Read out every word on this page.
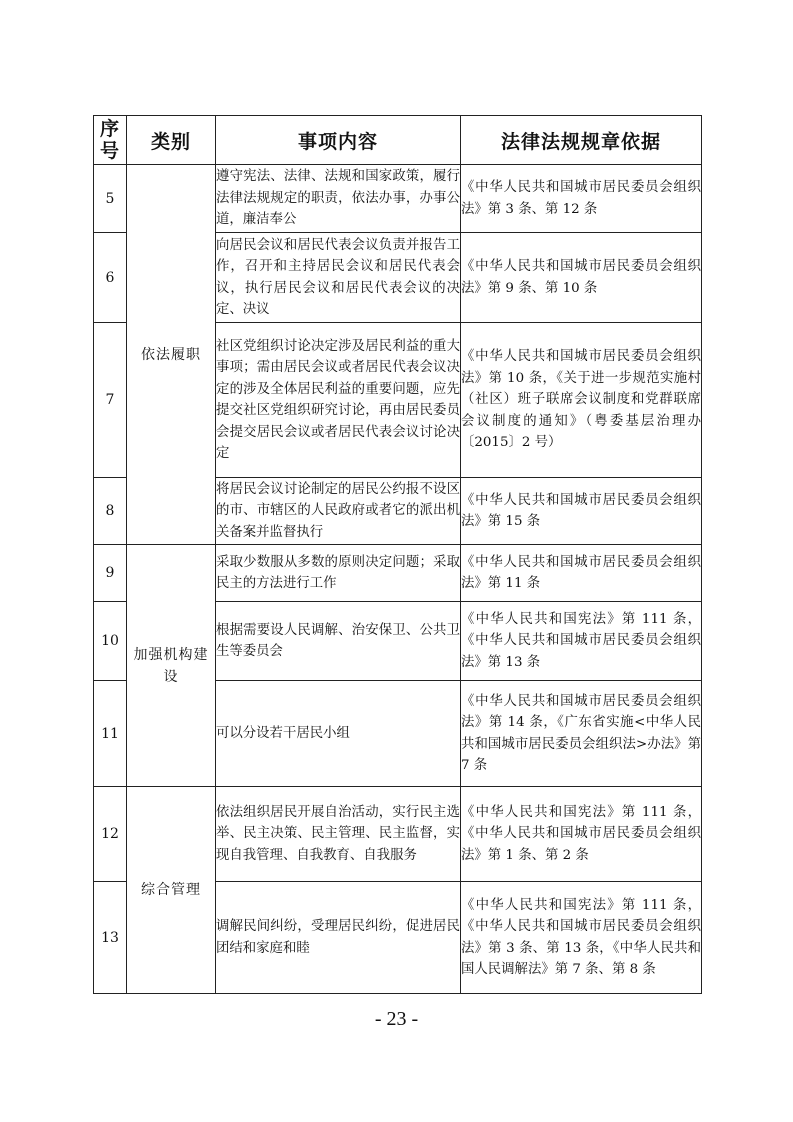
序号	类别	事项内容	法律法规规章依据
5	依法履职	遵守宪法、法律、法规和国家政策，履行法律法规规定的职责，依法办事，办事公道，廉洁奉公	《中华人民共和国城市居民委员会组织法》第 3 条、第 12 条
6		向居民会议和居民代表会议负责并报告工作，召开和主持居民会议和居民代表会议，执行居民会议和居民代表会议的决定、决议	《中华人民共和国城市居民委员会组织法》第 9 条、第 10 条
7		社区党组织讨论决定涉及居民利益的重大事项；需由居民会议或者居民代表会议决定的涉及全体居民利益的重要问题，应先提交社区党组织研究讨论，再由居民委员会提交居民会议或者居民代表会议讨论决定	《中华人民共和国城市居民委员会组织法》第 10 条，《关于进一步规范实施村（社区）班子联席会议制度和党群联席会议制度的通知》（粤委基层治理办〔2015〕2 号）
8		将居民会议讨论制定的居民公约报不设区的市、市辖区的人民政府或者它的派出机关备案并监督执行	《中华人民共和国城市居民委员会组织法》第 15 条
9	加强机构建设	采取少数服从多数的原则决定问题；采取民主的方法进行工作	《中华人民共和国城市居民委员会组织法》第 11 条
10		根据需要设人民调解、治安保卫、公共卫生等委员会	《中华人民共和国宪法》第 111 条，《中华人民共和国城市居民委员会组织法》第 13 条
11		可以分设若干居民小组	《中华人民共和国城市居民委员会组织法》第 14 条，《广东省实施<中华人民共和国城市居民委员会组织法>办法》第 7 条
12	综合管理	依法组织居民开展自治活动，实行民主选举、民主决策、民主管理、民主监督，实现自我管理、自我教育、自我服务	《中华人民共和国宪法》第 111 条，《中华人民共和国城市居民委员会组织法》第 1 条、第 2 条
13		调解民间纠纷，受理居民纠纷，促进居民团结和家庭和睦	《中华人民共和国宪法》第 111 条，《中华人民共和国城市居民委员会组织法》第 3 条、第 13 条，《中华人民共和国人民调解法》第 7 条、第 8 条
- 23 -
